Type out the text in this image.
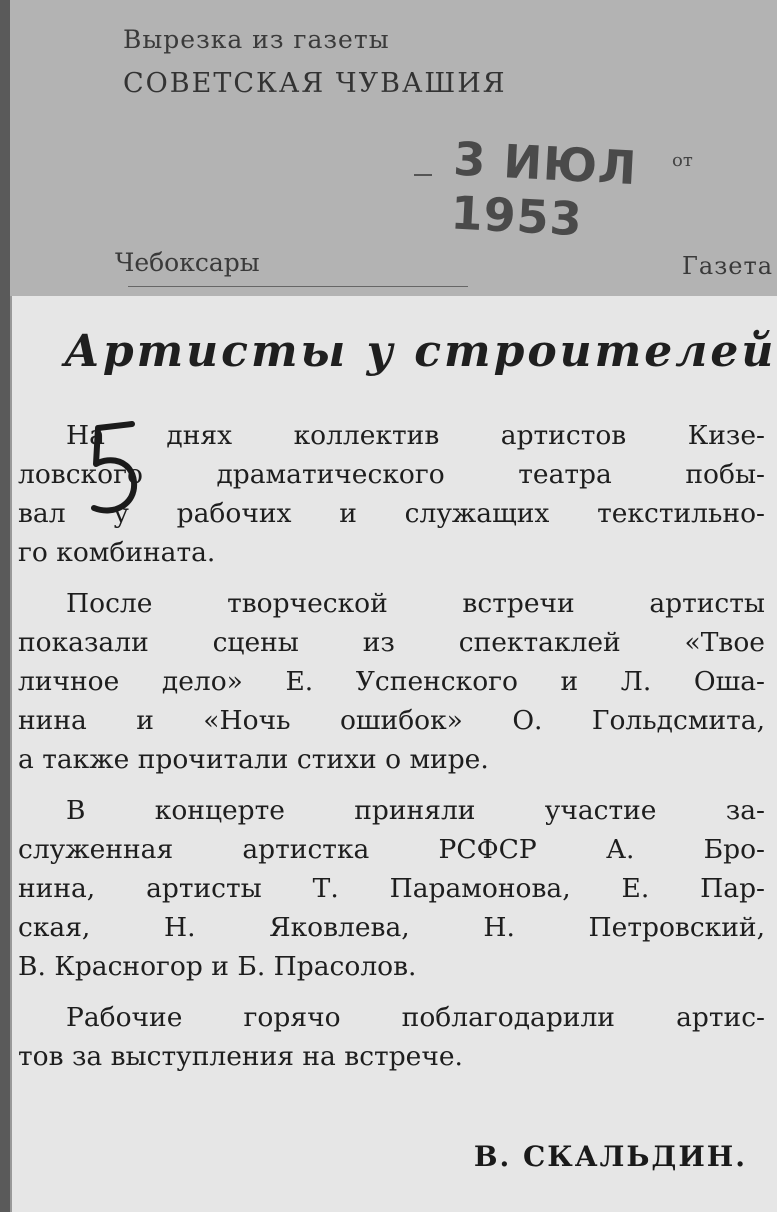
Вырезка из газеты
СОВЕТСКАЯ ЧУВАШИЯ
3 ИЮЛ 1953
от
Чебоксары	Газета
Артисты у строителей
На днях коллектив артистов Кизе-
ловского драматического театра побы-
вал у рабочих и служащих текстильно-
го комбината.
После творческой встречи артисты
показали сцены из спектаклей «Твое
личное дело» Е. Успенского и Л. Оша-
нина и «Ночь ошибок» О. Гольдсмита,
а также прочитали стихи о мире.
В концерте приняли участие за-
служенная артистка РСФСР А. Бро-
нина, артисты Т. Парамонова, Е. Пар-
ская, Н. Яковлева, Н. Петровский,
В. Красногор и Б. Прасолов.
Рабочие горячо поблагодарили артис-
тов за выступления на встрече.
В. СКАЛЬДИН.
